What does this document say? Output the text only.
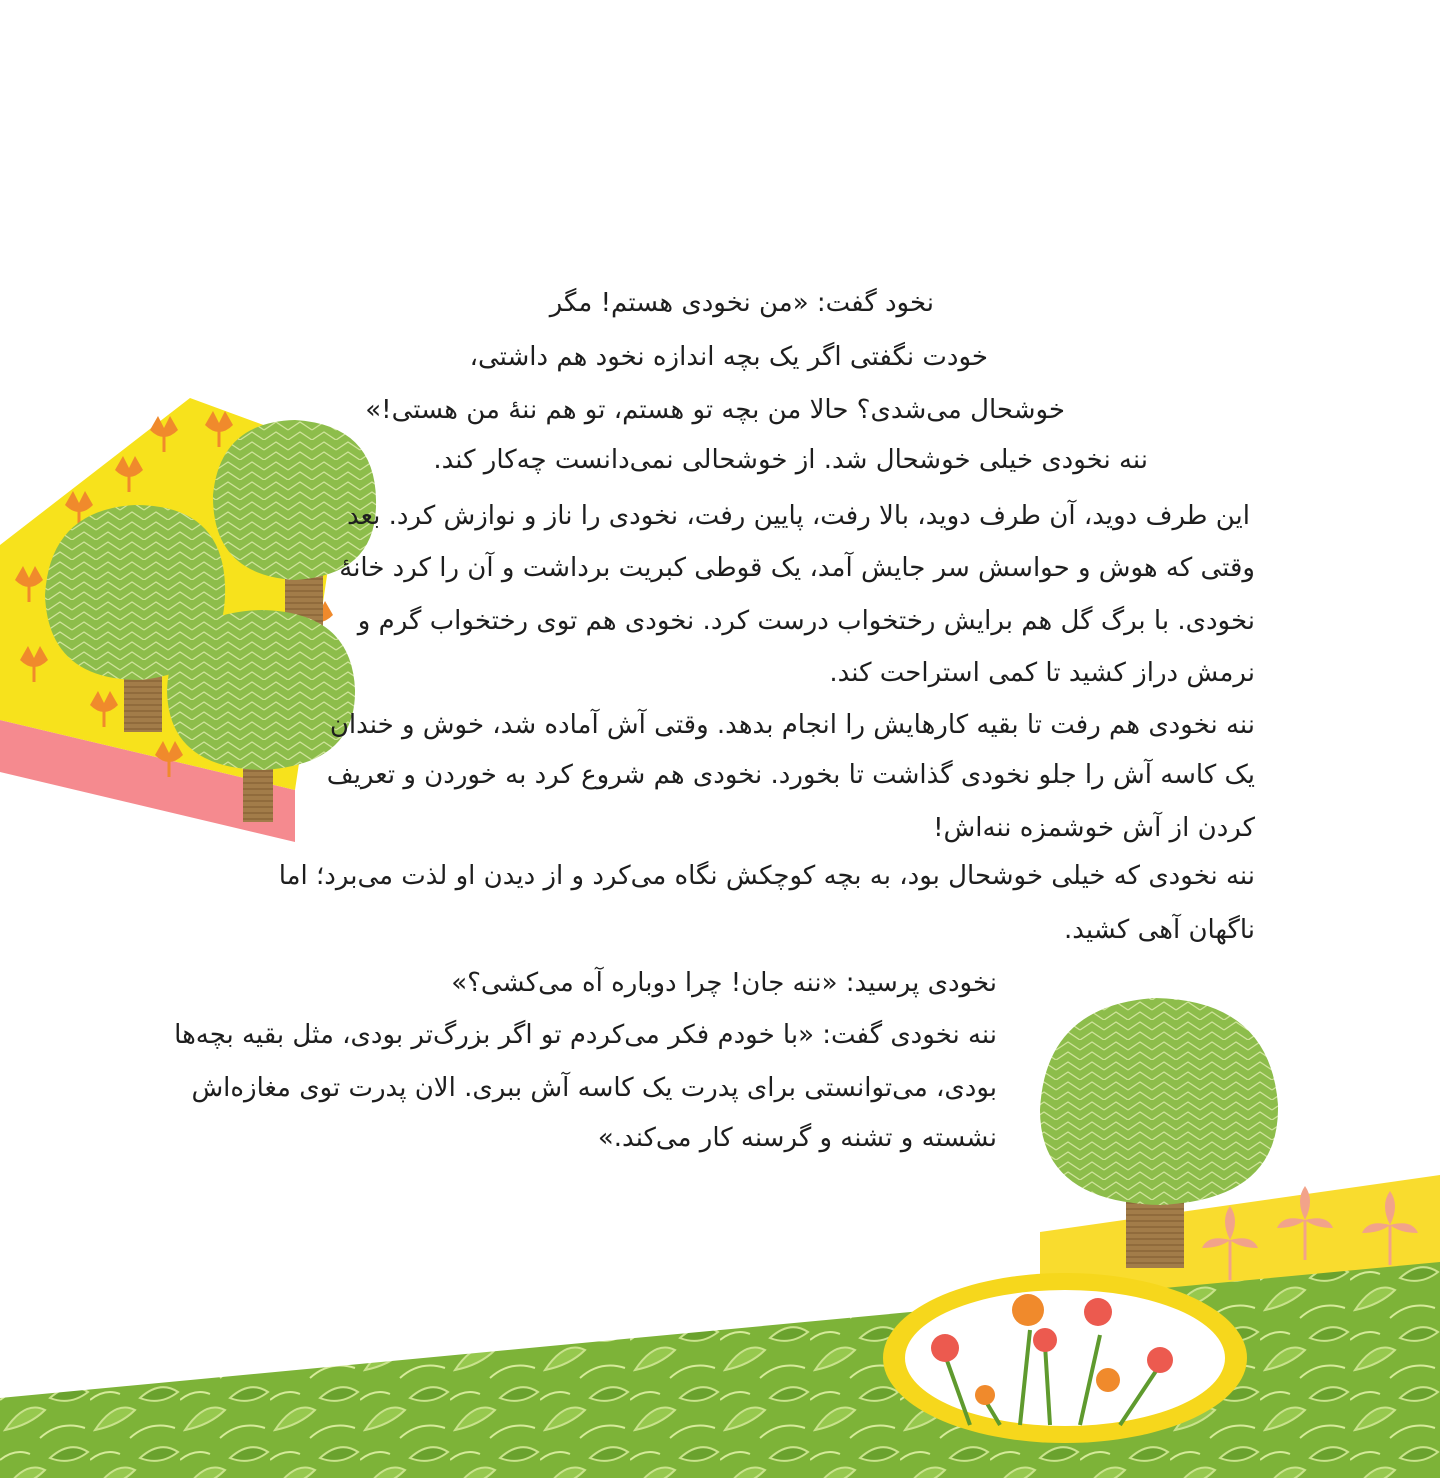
نخود گفت: «من نخودی هستم! مگر
خودت نگفتی اگر یک بچه اندازه نخود هم داشتی،
خوشحال می‌شدی؟ حالا من بچه تو هستم، تو هم ننهٔ من هستی!»
ننه نخودی خیلی خوشحال شد. از خوشحالی نمی‌دانست چه‌کار کند.
این طرف دوید، آن طرف دوید، بالا رفت، پایین رفت، نخودی را ناز و نوازش کرد. بعد
وقتی که هوش و حواسش سر جایش آمد، یک قوطی کبریت برداشت و آن را کرد خانهٔ
نخودی. با برگ گل هم برایش رختخواب درست کرد. نخودی هم توی رختخواب گرم و
نرمش دراز کشید تا کمی استراحت کند.
ننه نخودی هم رفت تا بقیه کارهایش را انجام بدهد. وقتی آش آماده شد، خوش و خندان
یک کاسه آش را جلو نخودی گذاشت تا بخورد. نخودی هم شروع کرد به خوردن و تعریف
کردن از آش خوشمزه ننه‌اش!
ننه نخودی که خیلی خوشحال بود، به بچه کوچکش نگاه می‌کرد و از دیدن او لذت می‌برد؛ اما
ناگهان آهی کشید.
نخودی پرسید: «ننه جان! چرا دوباره آه می‌کشی؟»
ننه نخودی گفت: «با خودم فکر می‌کردم تو اگر بزرگ‌تر بودی، مثل بقیه بچه‌ها
بودی، می‌توانستی برای پدرت یک کاسه آش ببری. الان پدرت توی مغازه‌اش
نشسته و تشنه و گرسنه کار می‌کند.»
